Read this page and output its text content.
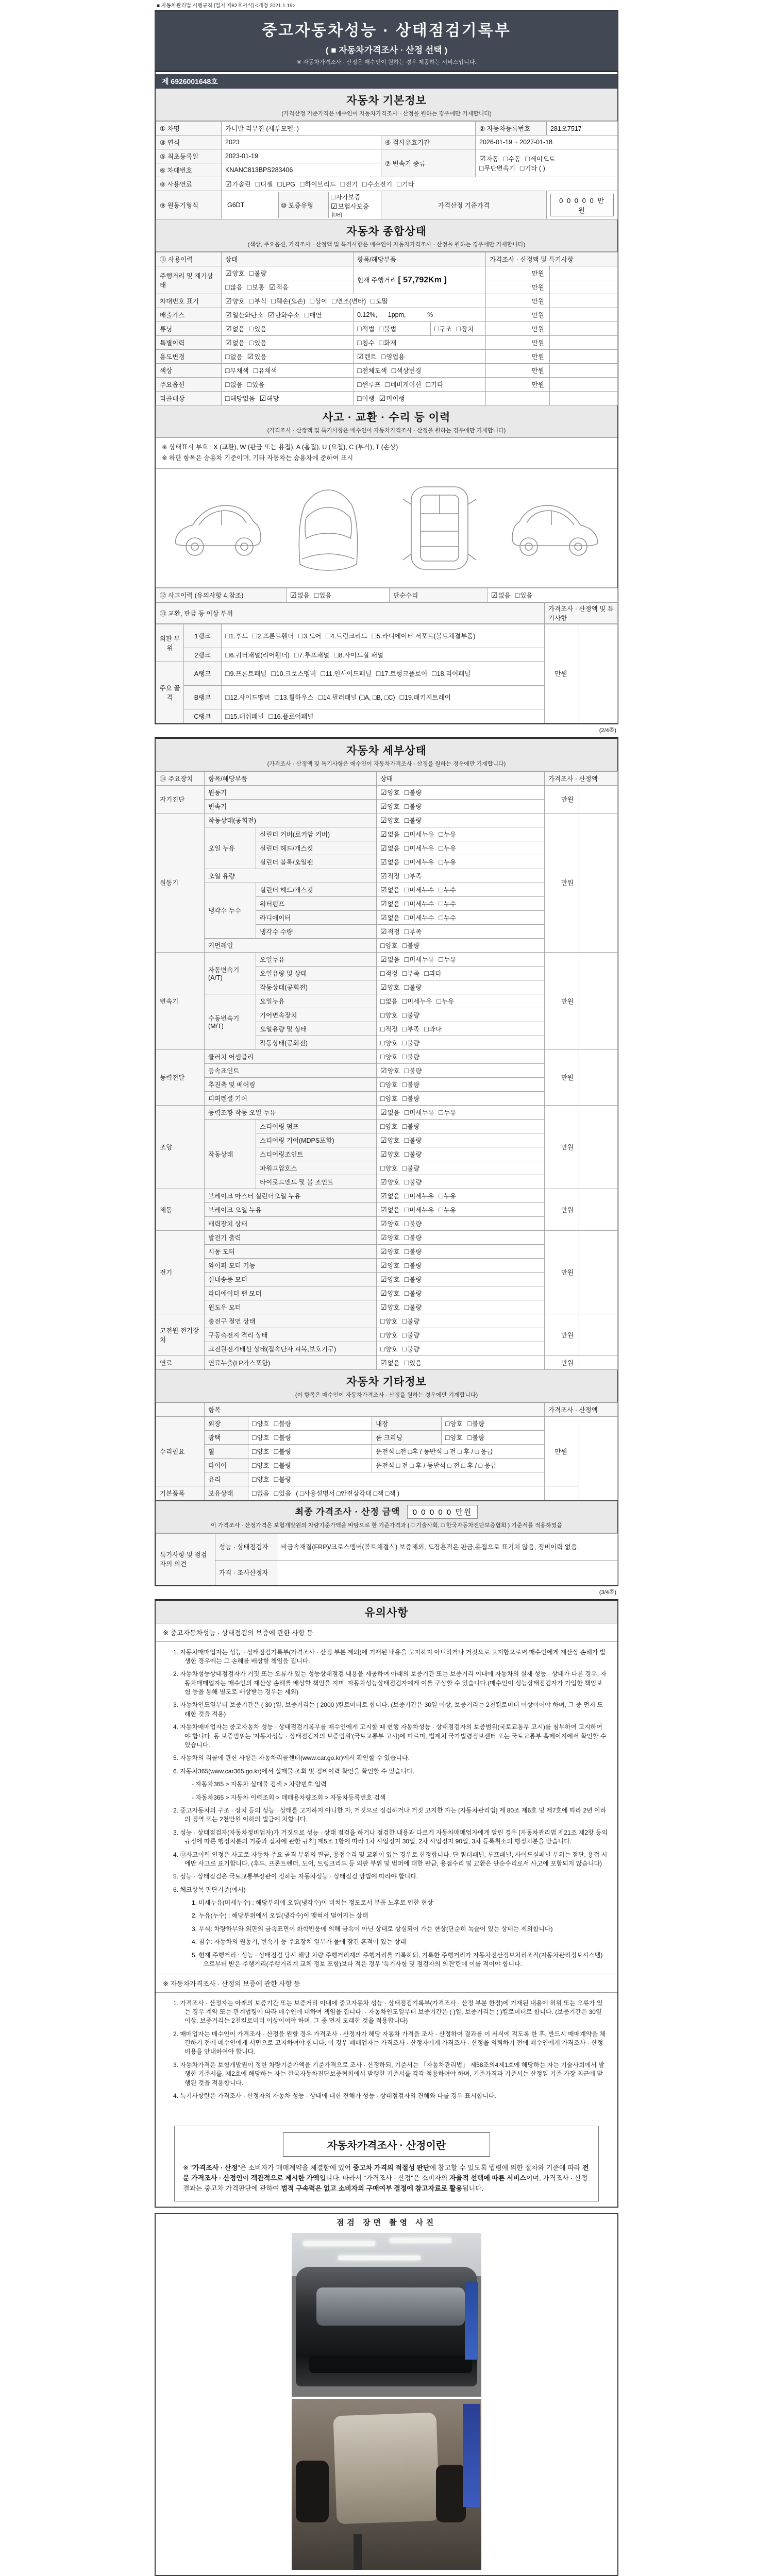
■ 자동차관리법 시행규칙 [별지 제82호서식] <개정 2021.1.19>
중고자동차성능 · 상태점검기록부
( ■ 자동차가격조사 · 산정 선택 )
※ 자동차가격조사 · 산정은 매수인이 원하는 경우 제공하는 서비스입니다.
제 6926001648호
자동차 기본정보
(가격산정 기준가격은 매수인이 자동차가격조사 · 산정을 원하는 경우에만 기재합니다)
① 차명	카니발 리무진 (세부모델: )	② 자동차등록번호	281오7517
③ 연식	2023	④ 검사유효기간	2026-01-19 ~ 2027-01-18
⑤ 최초등록일	2023-01-19	⑦ 변속기 종류	
☑자동 □수동 □세미오토
□무단변속기 □기타 ( )

⑥ 차대번호	KNANC813BPS283406
⑧ 사용연료	☑가솔린 □디젤 □LPG □하이브리드 □전기 □수소전기 □기타
⑨ 원동기형식		G6DT	⑩ 보증유형	□자가보증☑보험사보증[DB]
	가격산정 기준가격	0 0 0 0 0 만원
자동차 종합상태
(색상, 주요옵션, 가격조사 · 산정액 및 특기사항은 매수인이 자동차가격조사 · 산정을 원하는 경우에만 기재합니다)
⑪ 사용이력	상태	항목/해당부품		가격조사 · 산정액 및 특기사항	
주행거리 및 계기상태	☑양호 □불량	현재 주행거리 [ 57,792Km ]		만원	
	□많음 □보통 ☑적음			만원	
차대번호 표기	☑양호 □부식 □훼손(오손) □상이 □변조(변타) □도말			만원	
배출가스	☑일산화탄소 ☑탄화수소 □매연	0.12%,      1ppm,            %		만원	
튜닝	☑없음 □있음	□적법 □불법	□구조 □장치	만원	
특별이력	☑없음 □있음	□침수 □화재		만원	
용도변경	□없음 ☑있음	☑렌트 □영업용		만원	
색상	□무채색 □유채색	□전체도색 □색상변경		만원	
주요옵션	□없음 □있음	□썬루프 □네비게이션 □기타		만원	
리콜대상	□해당없음 ☑해당	□이행 ☑미이행			
사고 · 교환 · 수리 등 이력
(가격조사 · 산정액 및 특기사항은 매수인이 자동차가격조사 · 산정을 원하는 경우에만 기재합니다)
※ 상태표시 부호 : X (교환), W (판금 또는 용접), A (흠집), U (요철), C (부식), T (손상)
※ 하단 항목은 승용차 기준이며, 기타 자동차는 승용차에 준하여 표시
⑫ 사고이력 (유의사항 4.참조)	☑없음 □있음	단순수리	☑없음 □있음
⑬ 교환, 판금 등 이상 부위	가격조사 · 산정액 및 특기사항
외판 부위	1랭크	□1.후드 □2.프론트휀더 □3.도어 □4.트렁크리드 □5.라디에이터 서포트(볼트체결부품)	만원	
	2랭크	□6.쿼터패널(리어휀더) □7.루프패널 □8.사이드실 패널		
주요 골격	A랭크	□9.프론트패널 □10.크로스멤버 □11.인사이드패널 □17.트렁크플로어 □18.리어패널		
	B랭크	□12.사이드멤버 □13.휠하우스 □14.필러패널 (□A, □B, □C) □19.패키지트레이		
	C랭크	□15.대쉬패널 □16.플로어패널		
(2/4쪽)
자동차 세부상태
(가격조사 · 산정액 및 특기사항은 매수인이 자동차가격조사 · 산정을 원하는 경우에만 기재합니다)
⑭ 주요장치	항목/해당부품		상태	가격조사 · 산정액	
자기진단	원동기		☑양호 □불량	만원	
	변속기		☑양호 □불량		
원동기	작동상태(공회전)		☑양호 □불량	만원	
	오일 누유	실린더 커버(로커암 커버)	☑없음 □미세누유 □누유		
		실린더 헤드/개스킷	☑없음 □미세누유 □누유		
		실린더 블록/오일팬	☑없음 □미세누유 □누유		
	오일 유량		☑적정 □부족		
	냉각수 누수	실린더 헤드/개스킷	☑없음 □미세누수 □누수		
		워터펌프	☑없음 □미세누수 □누수		
		라디에이터	☑없음 □미세누수 □누수		
		냉각수 수량	☑적정 □부족		
	커먼레일		□양호 □불량		
변속기	자동변속기 (A/T)	오일누유	☑없음 □미세누유 □누유	만원	
		오일유량 및 상태	□적정 □부족 □과다		
		작동상태(공회전)	☑양호 □불량		
	수동변속기 (M/T)	오일누유	□없음 □미세누유 □누유		
		기어변속장치	□양호 □불량		
		오일유량 및 상태	□적정 □부족 □과다		
		작동상태(공회전)	□양호 □불량		
동력전달	클러치 어셈블리		□양호 □불량	만원	
	등속죠인트		☑양호 □불량		
	추진축 및 베어링		□양호 □불량		
	디퍼렌셜 기어		□양호 □불량		
조향	동력조향 작동 오일 누유		☑없음 □미세누유 □누유	만원	
	작동상태	스티어링 펌프	□양호 □불량		
		스티어링 기어(MDPS포함)	☑양호 □불량		
		스티어링조인트	☑양호 □불량		
		파워고압호스	□양호 □불량		
		타이로드엔드 및 볼 조인트	☑양호 □불량		
제동	브레이크 마스터 실린더오일 누유		☑없음 □미세누유 □누유	만원	
	브레이크 오일 누유		☑없음 □미세누유 □누유		
	배력장치 상태		☑양호 □불량		
전기	발전기 출력		☑양호 □불량	만원	
	시동 모터		☑양호 □불량		
	와이퍼 모터 기능		☑양호 □불량		
	실내송풍 모터		☑양호 □불량		
	라디에이터 팬 모터		☑양호 □불량		
	윈도우 모터		☑양호 □불량		
고전원 전기장치	충전구 절연 상태		□양호 □불량	만원	
	구동축전지 격리 상태		□양호 □불량		
	고전원전기배선 상태(접속단자,피복,보호기구)		□양호 □불량		
연료	연료누출(LP가스포함)		☑없음 □있음	만원	
자동차 기타정보
(이 항목은 매수인이 자동차가격조사 · 산정을 원하는 경우에만 기재합니다)
	항목				가격조사 · 산정액	
수리필요	외장	□양호 □불량	내장	□양호 □불량	만원	
	광택	□양호 □불량	룸 크리닝	□양호 □불량		
	휠	□양호 □불량	운전석 □전 □후 / 동반석 □ 전 □ 후 / □ 응급			
	타이어	□양호 □불량	운전석 □ 전 □ 후 / 동반석 □ 전 □ 후 / □ 응급			
	유리	□양호 □불량				
기본품목	보유상태	□없음 □있음 ( □사용설명서 □안전삼각대 □잭 □잭 )				
최종 가격조사 · 산정 금액 0 0 0 0 0 만원
이 가격조사 · 산정가격은 보험개발원의 차량기준가액을 바탕으로 한 기준가격과 ( □ 기술사회, □ 한국자동차진단보증협회 ) 기준서를 적용하였음
특기사항 및 점검자의 의견	성능 · 상태점검자	비금속재질(FRP)/크로스멤버(볼트체결식) 보증제외, 도장흔적은 판금,용접으로 표기치 않음, 정비이력 없음.
	가격 · 조사산정자	
(3/4쪽)
유의사항
※ 중고자동차성능 · 상태점검의 보증에 관한 사항 등

1. 자동차매매업자는 성능 · 상태점검기록부(가격조사 · 산정 부분 제외)에 기재된 내용을 고지하지 아니하거나 거짓으로 고지함으로써 매수인에게 재산상 손해가 발생한 경우에는 그 손해를 배상할 책임을 집니다.

2. 자동차성능상태점검자가 거짓 또는 오류가 있는 성능상태점검 내용을 제공하여 아래의 보증기간 또는 보증거리 이내에 자동차의 실제 성능 · 상태가 다른 경우, 자동차매매업자는 매수인의 재산상 손해를 배상할 책임을 지며, 자동차성능상태점검자에게 이를 구상할 수 있습니다.(매수인이 성능상태점검자가 가입한 책임보험 등을 통해 별도로 배상받는 경우는 제외)

3. 자동차인도일부터 보증기간은 ( 30 )일, 보증거리는 ( 2000 )킬로미터로 합니다. (보증기간은 30일 이상, 보증거리는 2천킬로미터 이상이어야 하며, 그 중 먼저 도래한 것을 적용)

4. 자동차매매업자는 중고자동차 성능 · 상태점검기록부를 매수인에게 고지할 때 현행 자동차성능 · 상태점검자의 보증범위(국토교통부 고시)를 첨부하여 고지하여야 합니다. 동 보증범위는 '자동차성능 · 상태점검자의 보증범위'(국토교통부 고시)에 따르며, 법제처 국가법령정보센터 또는 국토교통부 홈페이지에서 확인할 수 있습니다.

5. 자동차의 리콜에 관한 사항은 자동차리콜센터(www.car.go.kr)에서 확인할 수 있습니다.

6. 자동차365(www.car365.go.kr)에서 실매물 조회 및 정비이력 확인을 확인할 수 있습니다.

- 자동차365 > 자동차 실매물 검색 > 차량번호 입력

- 자동차365 > 자동차 이력조회 > 매매용차량조회 > 자동차등록번호 검색

2. 중고자동차의 구조 · 장치 등의 성능 · 상태를 고지하지 아니한 자, 거짓으로 점검하거나 거짓 고지한 자는 [자동차관리법] 제 80조 제6호 및 제7호에 따라 2년 이하의 징역 또는 2천만원 이하의 벌금에 처합니다.

3. 성능 · 상태점검자(자동차정비업자)가 거짓으로 성능 · 상태 점검을 하거나 점검한 내용과 다르게 자동차매매업자에게 알린 경우 [자동차관리법 제21조 제2항 등의 규정에 따른 행정처분의 기준과 절차에 관한 규칙] 제5조 1항에 따라 1차 사업정지 30일, 2차 사업정지 90일, 3차 등록취소의 행정처분을 받습니다.

4. ⑫사고이력 인정은 사고로 자동차 주요 골격 부위의 판금, 용접수리 및 교환이 있는 경우로 한정합니다. 단 쿼터패널, 루프패널, 사이드실패널 부위는 절단, 용접 시에만 사고로 표기합니다. (후드, 프론트펜더, 도어, 트렁크리드 등 외판 부위 및 범퍼에 대한 판금, 용접수리 및 교환은 단순수리로서 사고에 포함되지 않습니다)

5. 성능 · 상태점검은 국토교통부장관이 정하는 자동차성능 · 상태점검 방법에 따라야 합니다.

6. 체크항목 판단기준(예시)

1. 미세누유(미세누수) : 해당부위에 오일(냉각수)이 비치는 정도로서 부품 노후로 인한 현상

2. 누유(누수) : 해당부위에서 오일(냉각수)이 맺혀서 떨어지는 상태

3. 부식: 차량하부와 외판의 금속표면이 화학반응에 의해 금속이 아닌 상태로 상실되어 가는 현상(단순히 녹슬어 있는 상태는 제외합니다)

4. 침수: 자동차의 원동기, 변속기 등 주요장치 일부가 물에 잠긴 흔적이 있는 상태

5. 현재 주행거리 : 성능 · 상태점검 당시 해당 차량 주행거리계의 주행거리를 기록하되, 기록한 주행거리가 자동차전산정보처리조직(자동차관리정보시스템)으로부터 받은 주행거리(주행거리계 교체 정보 포함)보다 적은 경우 '특기사항 및 점검자의 의견'란에 이를 적어야 합니다.

※ 자동차가격조사 · 산정의 보증에 관한 사항 등

1. 가격조사 · 산정자는 아래의 보증기간 또는 보증거리 이내에 중고자동차 성능 · 상태점검기록부(가격조사 · 산정 부분 한정)에 기재된 내용에 허위 또는 오류가 있는 경우 계약 또는 관계법령에 따라 매수인에 대하여 책임을 집니다. · 자동차인도일부터 보증기간은 ( )일, 보증거리는 ( )킬로미터로 합니다. (보증기간은 30일 이상, 보증거리는 2천킬로미터 이상이어야 하며, 그 중 먼저 도래한 것을 적용합니다)

2. 매매업자는 매수인이 가격조사 · 산정을 원할 경우 가격조사 · 산정자가 해당 자동차 가격을 조사 · 산정하여 결과를 이 서식에 적도록 한 후, 반드시 매매계약을 체결하기 전에 매수인에게 서면으로 고지하여야 합니다. 이 경우 매매업자는 가격조사 · 산정자에게 가격조사 · 산정을 의뢰하기 전에 매수인에게 가격조사 · 산정 비용을 안내하여야 합니다.

3. 자동차가격은 보험개발원이 정한 차량기준가액을 기준가격으로 조사 · 산정하되, 기준서는 「자동차관리법」 제58조의4제1호에 해당하는 자는 기술사회에서 발행한 기준서를, 제2호에 해당하는 자는 한국자동차진단보증협회에서 발행한 기준서를 각각 적용하여야 하며, 기준가격과 기준서는 산정일 기준 가장 최근에 발행된 것을 적용합니다.

4. 특기사항란은 가격조사 · 산정자의 자동차 성능 · 상태에 대한 견해가 성능 · 상태점검자의 견해와 다를 경우 표시합니다.

자동차가격조사 · 산정이란
※ "가격조사 · 산정"은 소비자가 매매계약을 체결함에 있어 중고차 가격의 적절성 판단에 참고할 수 있도록 법령에 의한 절차와 기준에 따라 전문 가격조사 · 산정인이 객관적으로 제시한 가액입니다. 따라서 "가격조사 · 산정"은 소비자의 자율적 선택에 따른 서비스이며, 가격조사 · 산정 결과는 중고차 가격판단에 관하여 법적 구속력은 없고 소비자의 구매여부 결정에 참고자료로 활용됩니다.
점검 장면 촬영 사진
